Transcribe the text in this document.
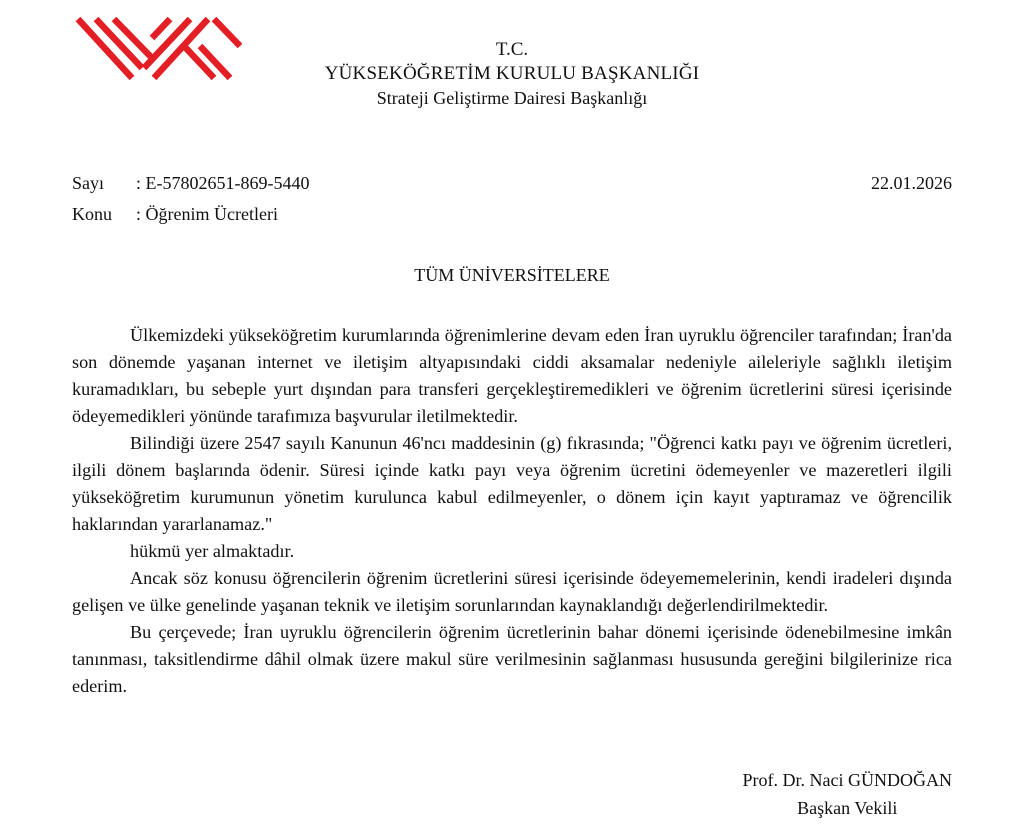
T.C.
YÜKSEKÖĞRETİM KURULU BAŞKANLIĞI
Strateji Geliştirme Dairesi Başkanlığı
Sayı : E-57802651-869-5440	22.01.2026
Konu : Öğrenim Ücretleri
TÜM ÜNİVERSİTELERE

Ülkemizdeki yükseköğretim kurumlarında öğrenimlerine devam eden İran uyruklu öğrenciler tarafından; İran'da son dönemde yaşanan internet ve iletişim altyapısındaki ciddi aksamalar nedeniyle aileleriyle sağlıklı iletişim kuramadıkları, bu sebeple yurt dışından para transferi gerçekleştiremedikleri ve öğrenim ücretlerini süresi içerisinde ödeyemedikleri yönünde tarafımıza başvurular iletilmektedir.

Bilindiği üzere 2547 sayılı Kanunun 46'ncı maddesinin (g) fıkrasında; "Öğrenci katkı payı ve öğrenim ücretleri, ilgili dönem başlarında ödenir. Süresi içinde katkı payı veya öğrenim ücretini ödemeyenler ve mazeretleri ilgili yükseköğretim kurumunun yönetim kurulunca kabul edilmeyenler, o dönem için kayıt yaptıramaz ve öğrencilik haklarından yararlanamaz."

hükmü yer almaktadır.

Ancak söz konusu öğrencilerin öğrenim ücretlerini süresi içerisinde ödeyememelerinin, kendi iradeleri dışında gelişen ve ülke genelinde yaşanan teknik ve iletişim sorunlarından kaynaklandığı değerlendirilmektedir.

Bu çerçevede; İran uyruklu öğrencilerin öğrenim ücretlerinin bahar dönemi içerisinde ödenebilmesine imkân tanınması, taksitlendirme dâhil olmak üzere makul süre verilmesinin sağlanması hususunda gereğini bilgilerinize rica ederim.

Prof. Dr. Naci GÜNDOĞAN
Başkan Vekili
